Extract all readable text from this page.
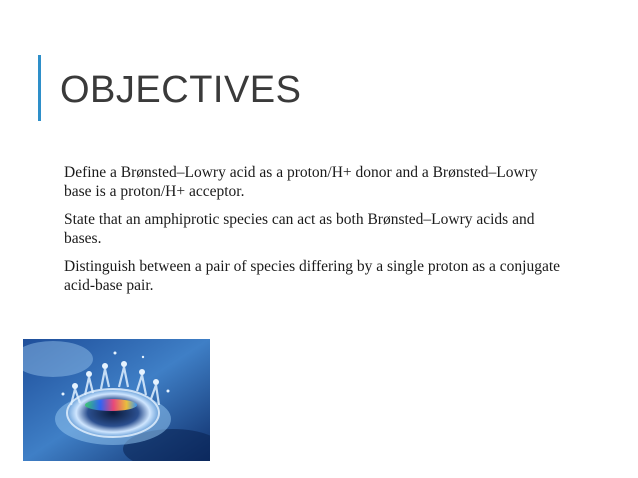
OBJECTIVES
Define a Brønsted–Lowry acid as a proton/H+ donor and a Brønsted–Lowry base is a proton/H+ acceptor.
State that an amphiprotic species can act as both Brønsted–Lowry acids and bases.
Distinguish between a pair of species differing by a single proton as a conjugate acid-base pair.
